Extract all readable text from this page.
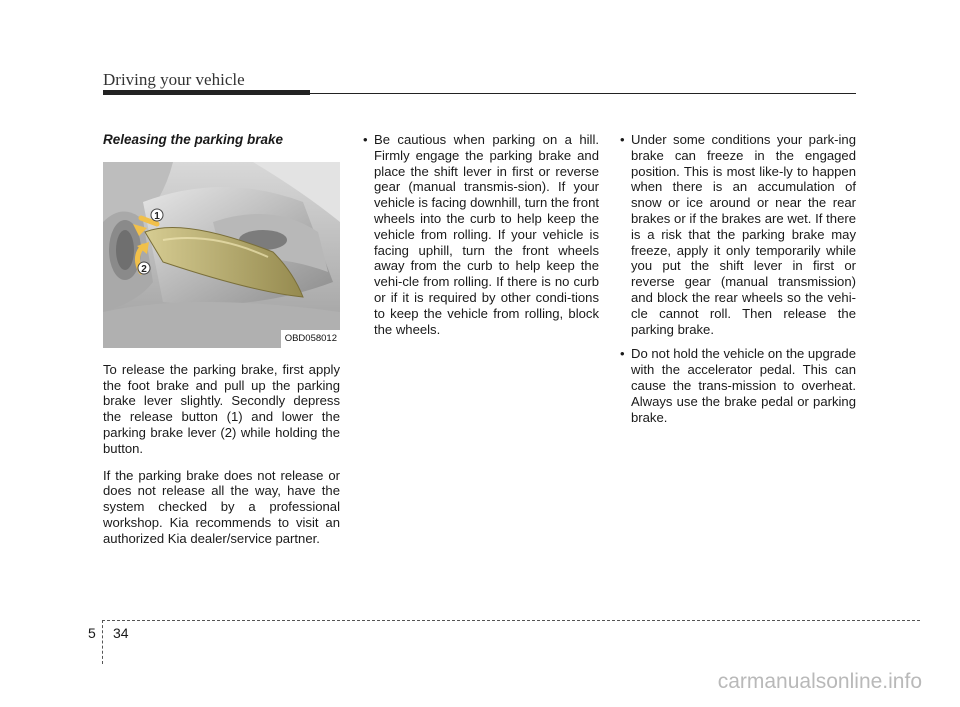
Driving your vehicle
Releasing the parking brake
1
2
OBD058012

To release the parking brake, first apply the foot brake and pull up the parking brake lever slightly. Secondly depress the release button (1) and lower the parking brake lever (2) while holding the button.

If the parking brake does not release or does not release all the way, have the system checked by a professional workshop. Kia recommends to visit an authorized Kia dealer/service partner.

• Be cautious when parking on a hill. Firmly engage the parking brake and place the shift lever in first or reverse gear (manual transmis-sion). If your vehicle is facing downhill, turn the front wheels into the curb to help keep the vehicle from rolling. If your vehicle is facing uphill, turn the front wheels away from the curb to help keep the vehi-cle from rolling. If there is no curb or if it is required by other condi-tions to keep the vehicle from rolling, block the wheels.
• Under some conditions your park-ing brake can freeze in the engaged position. This is most like-ly to happen when there is an accumulation of snow or ice around or near the rear brakes or if the brakes are wet. If there is a risk that the parking brake may freeze, apply it only temporarily while you put the shift lever in first or reverse gear (manual transmission) and block the rear wheels so the vehi-cle cannot roll. Then release the parking brake.
• Do not hold the vehicle on the upgrade with the accelerator pedal. This can cause the trans-mission to overheat. Always use the brake pedal or parking brake.
5 34
carmanualsonline.info
